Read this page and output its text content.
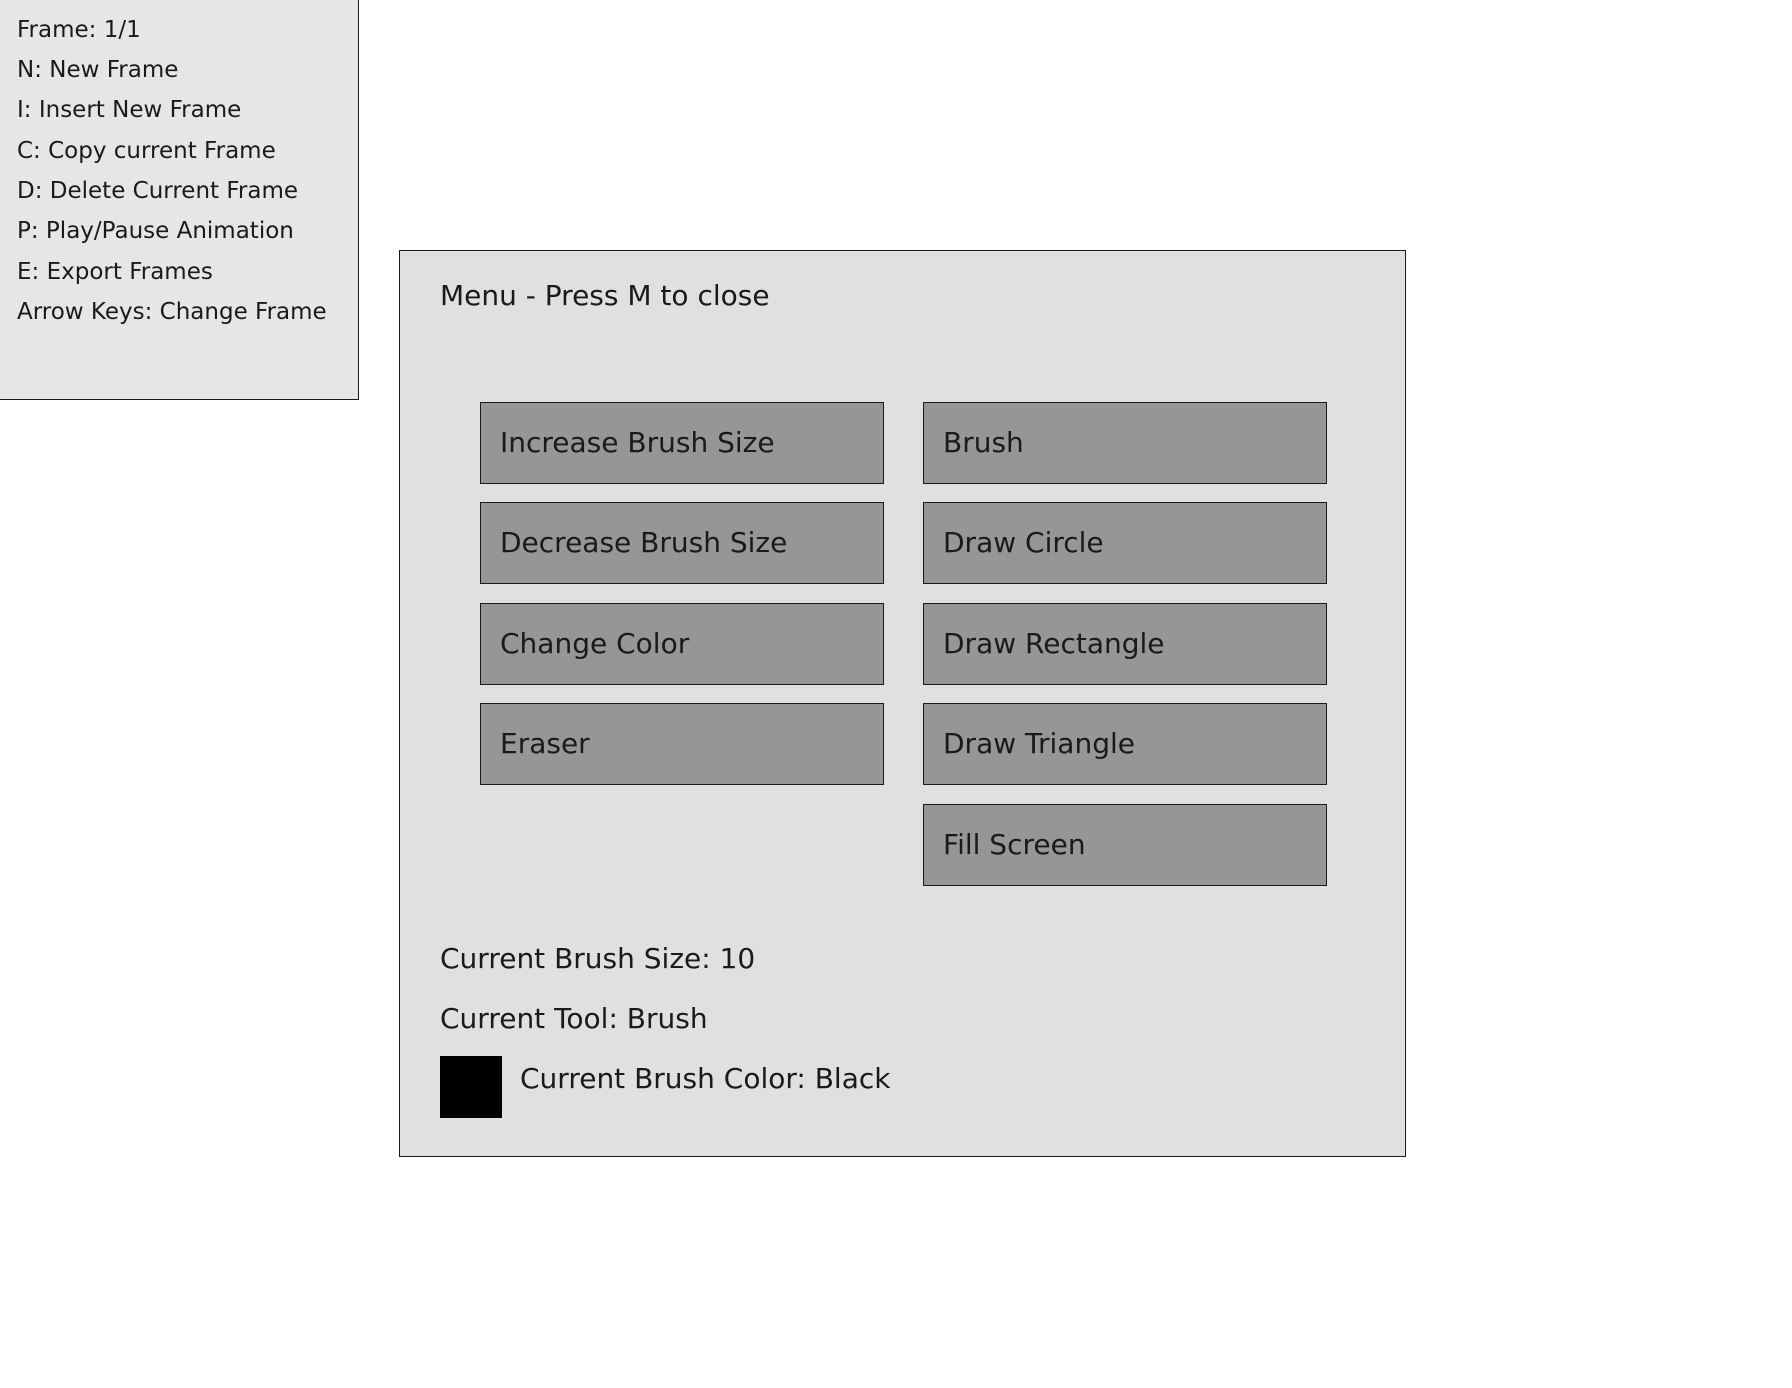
Frame: 1/1
N: New Frame
I: Insert New Frame
C: Copy current Frame
D: Delete Current Frame
P: Play/Pause Animation
E: Export Frames
Arrow Keys: Change Frame	Menu - Press M to close
Increase Brush Size
Decrease Brush Size
Change Color
Eraser
Brush
Draw Circle
Draw Rectangle
Draw Triangle
Fill Screen
Current Brush Size: 10
Current Tool: Brush
Current Brush Color: Black
